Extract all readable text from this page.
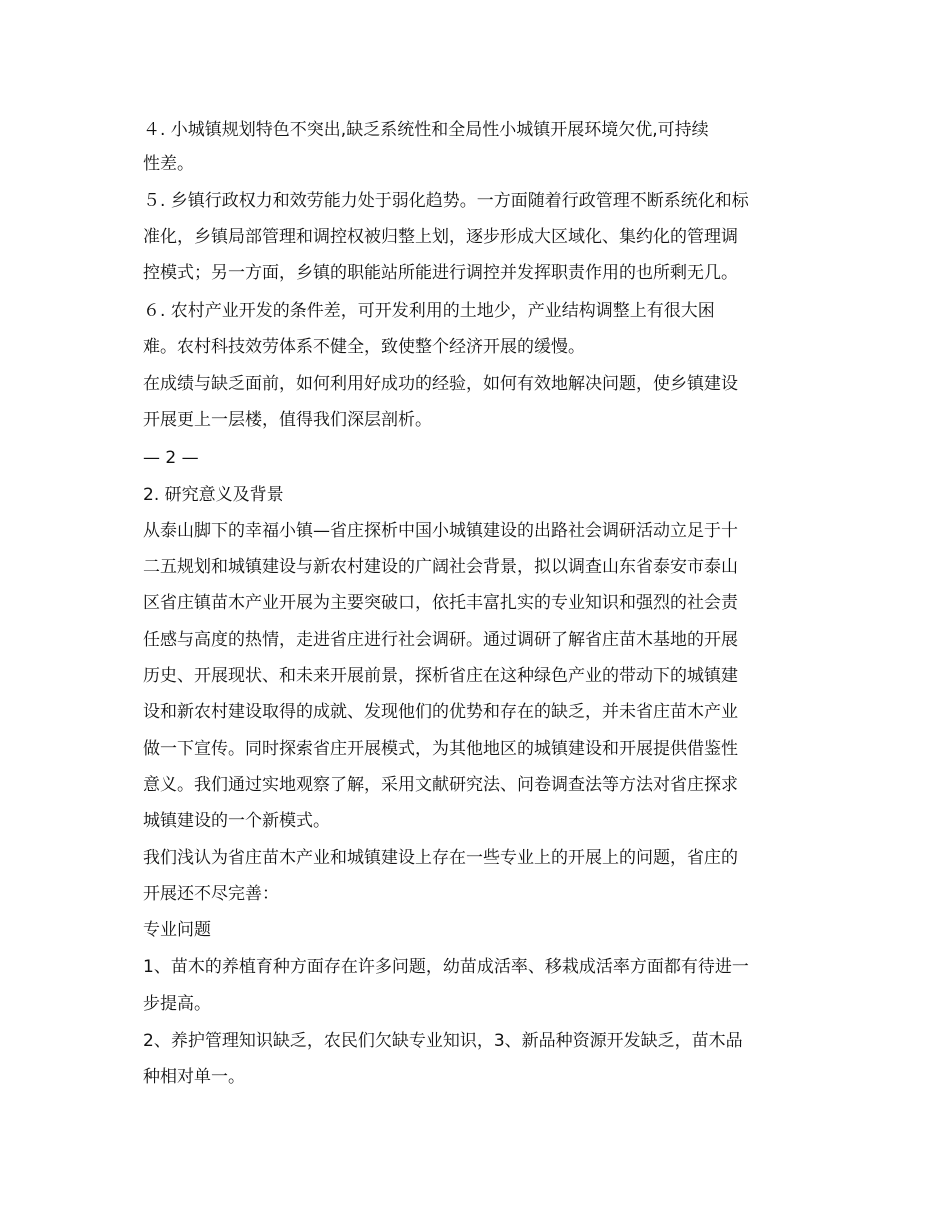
４. 小城镇规划特色不突出,缺乏系统性和全局性小城镇开展环境欠优,可持续
性差。
５. 乡镇行政权力和效劳能力处于弱化趋势。一方面随着行政管理不断系统化和标
准化，乡镇局部管理和调控权被归整上划，逐步形成大区域化、集约化的管理调
控模式；另一方面，乡镇的职能站所能进行调控并发挥职责作用的也所剩无几。
６. 农村产业开发的条件差，可开发利用的土地少，产业结构调整上有很大困
难。农村科技效劳体系不健全，致使整个经济开展的缓慢。
在成绩与缺乏面前，如何利用好成功的经验，如何有效地解决问题，使乡镇建设
开展更上一层楼，值得我们深层剖析。
— 2 —
2. 研究意义及背景
从泰山脚下的幸福小镇—省庄探析中国小城镇建设的出路社会调研活动立足于十
二五规划和城镇建设与新农村建设的广阔社会背景，拟以调查山东省泰安市泰山
区省庄镇苗木产业开展为主要突破口，依托丰富扎实的专业知识和强烈的社会责
任感与高度的热情，走进省庄进行社会调研。通过调研了解省庄苗木基地的开展
历史、开展现状、和未来开展前景，探析省庄在这种绿色产业的带动下的城镇建
设和新农村建设取得的成就、发现他们的优势和存在的缺乏，并未省庄苗木产业
做一下宣传。同时探索省庄开展模式，为其他地区的城镇建设和开展提供借鉴性
意义。我们通过实地观察了解，采用文献研究法、问卷调查法等方法对省庄探求
城镇建设的一个新模式。
我们浅认为省庄苗木产业和城镇建设上存在一些专业上的开展上的问题，省庄的
开展还不尽完善：
专业问题
1、苗木的养植育种方面存在许多问题，幼苗成活率、移栽成活率方面都有待进一
步提高。
2、养护管理知识缺乏，农民们欠缺专业知识，3、新品种资源开发缺乏，苗木品
种相对单一。
